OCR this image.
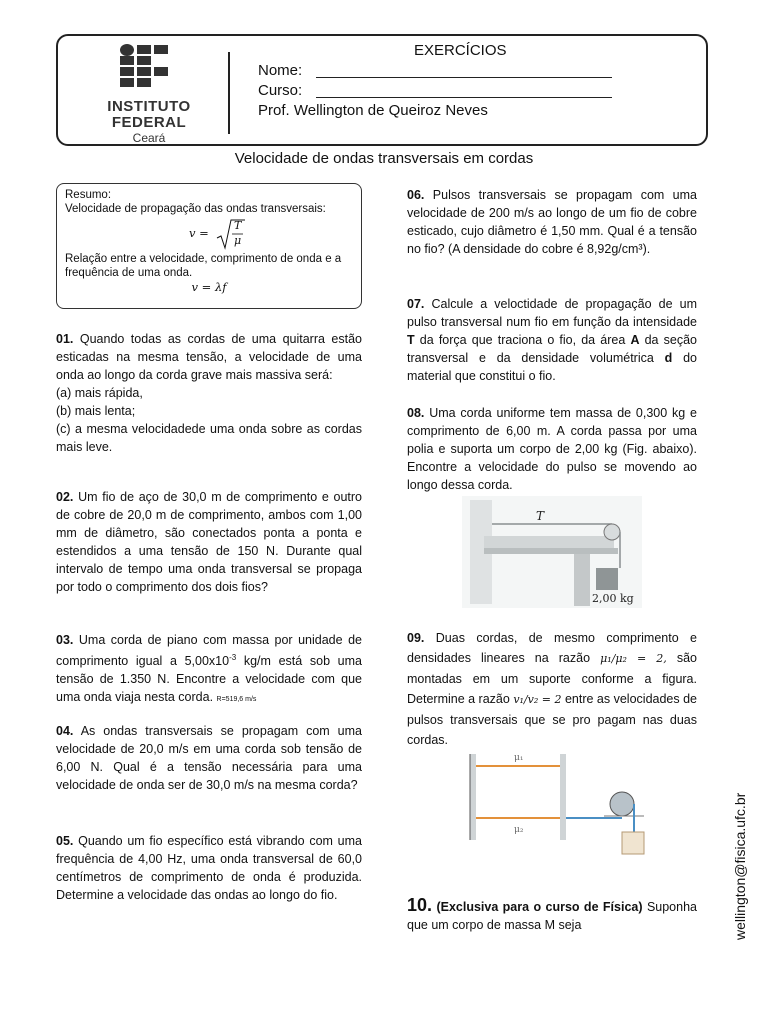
INSTITUTO
FEDERAL
Ceará
EXERCÍCIOS
Nome:
Curso:
Prof. Wellington de Queiroz Neves
Velocidade de ondas transversais em cordas
Resumo:
Velocidade de propagação das ondas transversais:
v =
T
μ
Relação entre a velocidade, comprimento de onda e a frequência de uma onda.
v = λf

01. Quando todas as cordas de uma quitarra estão esticadas na mesma tensão, a velocidade de uma onda ao longo da corda grave mais massiva será:

(a) mais rápida,

(b) mais lenta;

(c) a mesma velocidadede uma onda sobre as cordas mais leve.

02. Um fio de aço de 30,0 m de comprimento e outro de cobre de 20,0 m de comprimento, ambos com 1,00 mm de diâmetro, são conectados ponta a ponta e estendidos a uma tensão de 150 N. Durante qual intervalo de tempo uma onda transversal se propaga por todo o comprimento dos dois fios?

03. Uma corda de piano com massa por unidade de comprimento igual a $5,00x10^{-3}$ kg/m está sob uma tensão de 1.350 N. Encontre a velocidade com que uma onda viaja nesta corda. R=519,6 m/s

04. As ondas transversais se propagam com uma velocidade de 20,0 m/s em uma corda sob tensão de 6,00 N. Qual é a tensão necessária para uma velocidade de onda ser de 30,0 m/s na mesma corda?

05. Quando um fio específico está vibrando com uma frequência de 4,00 Hz, uma onda transversal de 60,0 centímetros de comprimento de onda é produzida. Determine a velocidade das ondas ao longo do fio.

06. Pulsos transversais se propagam com uma velocidade de 200 m/s ao longo de um fio de cobre esticado, cujo diâmetro é 1,50 mm. Qual é a tensão no fio? (A densidade do cobre é 8,92g/cm³).

07. Calcule a veloctidade de propagação de um pulso transversal num fio em função da intensidade T da força que traciona o fio, da área A da seção transversal e da densidade volumétrica d do material que constitui o fio.

08. Uma corda uniforme tem massa de 0,300 kg e comprimento de 6,00 m. A corda passa por uma polia e suporta um corpo de 2,00 kg (Fig. abaixo). Encontre a velocidade do pulso se movendo ao longo dessa corda.

T
2,00 kg

09. Duas cordas, de mesmo comprimento e densidades lineares na razão μ₁/μ₂ = 2, são montadas em um suporte conforme a figura. Determine a razão v₁/v₂ = 2 entre as velocidades de pulsos transversais que se pro pagam nas duas cordas.

μ₁
μ₂

10. (Exclusiva para o curso de Física) Suponha que um corpo de massa M seja	wellington@fisica.ufc.br
